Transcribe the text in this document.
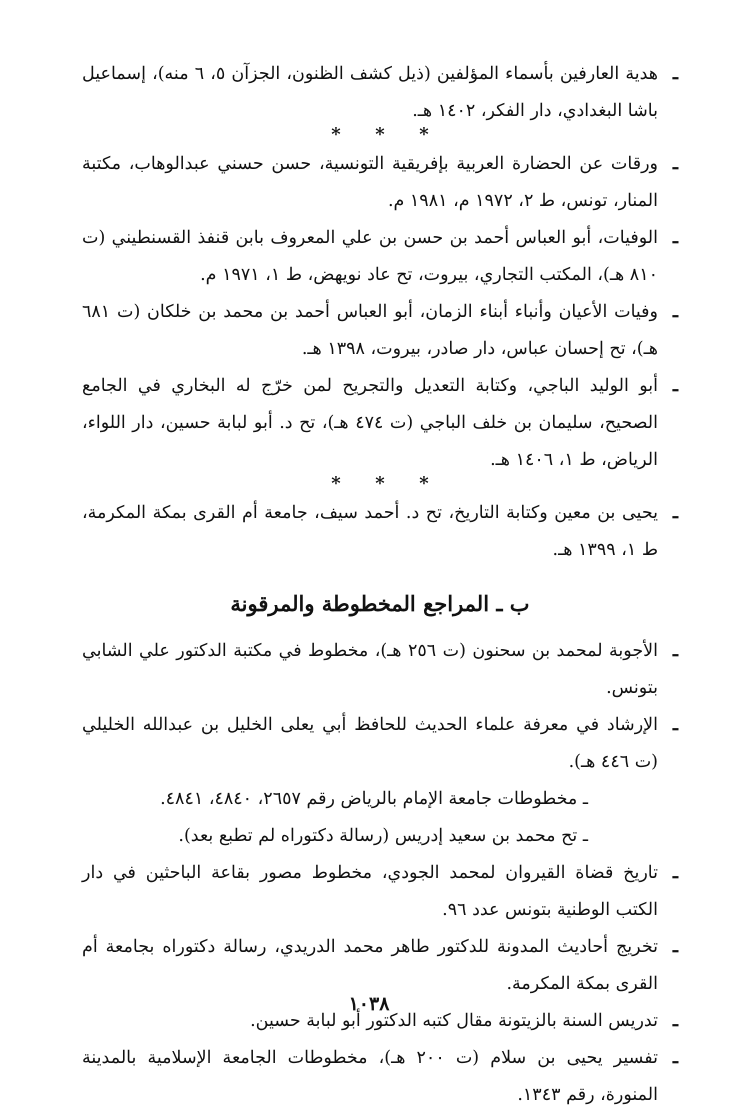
ـ
هدية العارفين بأسماء المؤلفين (ذيل كشف الظنون، الجزآن ٥، ٦ منه)، إسماعيل باشا البغدادي، دار الفكر، ١٤٠٢ هـ.
***
ـ
ورقات عن الحضارة العربية بإفريقية التونسية، حسن حسني عبدالوهاب، مكتبة المنار، تونس، ط ٢، ١٩٧٢ م، ١٩٨١ م.
ـ
الوفيات، أبو العباس أحمد بن حسن بن علي المعروف بابن قنفذ القسنطيني (ت ٨١٠ هـ)، المكتب التجاري، بيروت، تح عاد نويهض، ط ١، ١٩٧١ م.
ـ
وفيات الأعيان وأنباء أبناء الزمان، أبو العباس أحمد بن محمد بن خلكان (ت ٦٨١ هـ)، تح إحسان عباس، دار صادر، بيروت، ١٣٩٨ هـ.
ـ
أبو الوليد الباجي، وكتابة التعديل والتجريح لمن خرّج له البخاري في الجامع الصحيح، سليمان بن خلف الباجي (ت ٤٧٤ هـ)، تح د. أبو لبابة حسين، دار اللواء، الرياض، ط ١، ١٤٠٦ هـ.
***
ـ
يحيى بن معين وكتابة التاريخ، تح د. أحمد سيف، جامعة أم القرى بمكة المكرمة، ط ١، ١٣٩٩ هـ.
ب ـ المراجع المخطوطة والمرقونة
ـ
الأجوبة لمحمد بن سحنون (ت ٢٥٦ هـ)، مخطوط في مكتبة الدكتور علي الشابي بتونس.
ـ
الإرشاد في معرفة علماء الحديث للحافظ أبي يعلى الخليل بن عبدالله الخليلي (ت ٤٤٦ هـ).
ـ مخطوطات جامعة الإمام بالرياض رقم ٢٦٥٧، ٤٨٤٠، ٤٨٤١.
ـ تح محمد بن سعيد إدريس (رسالة دكتوراه لم تطبع بعد).
ـ
تاريخ قضاة القيروان لمحمد الجودي، مخطوط مصور بقاعة الباحثين في دار الكتب الوطنية بتونس عدد ٩٦.
ـ
تخريج أحاديث المدونة للدكتور طاهر محمد الدريدي، رسالة دكتوراه بجامعة أم القرى بمكة المكرمة.
ـ
تدريس السنة بالزيتونة مقال كتبه الدكتور أبو لبابة حسين.
ـ
تفسير يحيى بن سلام (ت ٢٠٠ هـ)، مخطوطات الجامعة الإسلامية بالمدينة المنورة، رقم ١٣٤٣.
١٠٣٨
